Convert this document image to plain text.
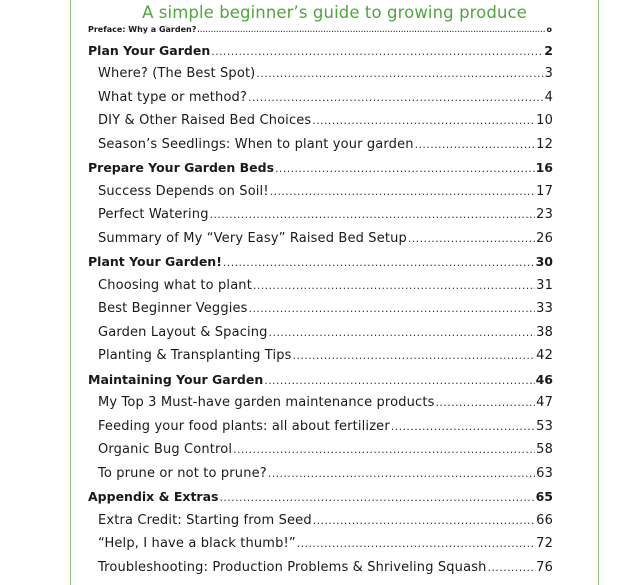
A simple beginner’s guide to growing produce
Preface: Why a Garden? .....	o
Plan Your Garden .....	2
Where? (The Best Spot) .....	3
What type or method? .....	4
DIY & Other Raised Bed Choices .....	10
Season’s Seedlings: When to plant your garden .....	12
Prepare Your Garden Beds .....	16
Success Depends on Soil! .....	17
Perfect Watering .....	23
Summary of My “Very Easy” Raised Bed Setup .....	26
Plant Your Garden! .....	30
Choosing what to plant .....	31
Best Beginner Veggies .....	33
Garden Layout & Spacing .....	38
Planting & Transplanting Tips .....	42
Maintaining Your Garden .....	46
My Top 3 Must-have garden maintenance products .....	47
Feeding your food plants: all about fertilizer .....	53
Organic Bug Control .....	58
To prune or not to prune? .....	63
Appendix & Extras .....	65
Extra Credit: Starting from Seed .....	66
“Help, I have a black thumb!” .....	72
Troubleshooting: Production Problems & Shriveling Squash .....	76
